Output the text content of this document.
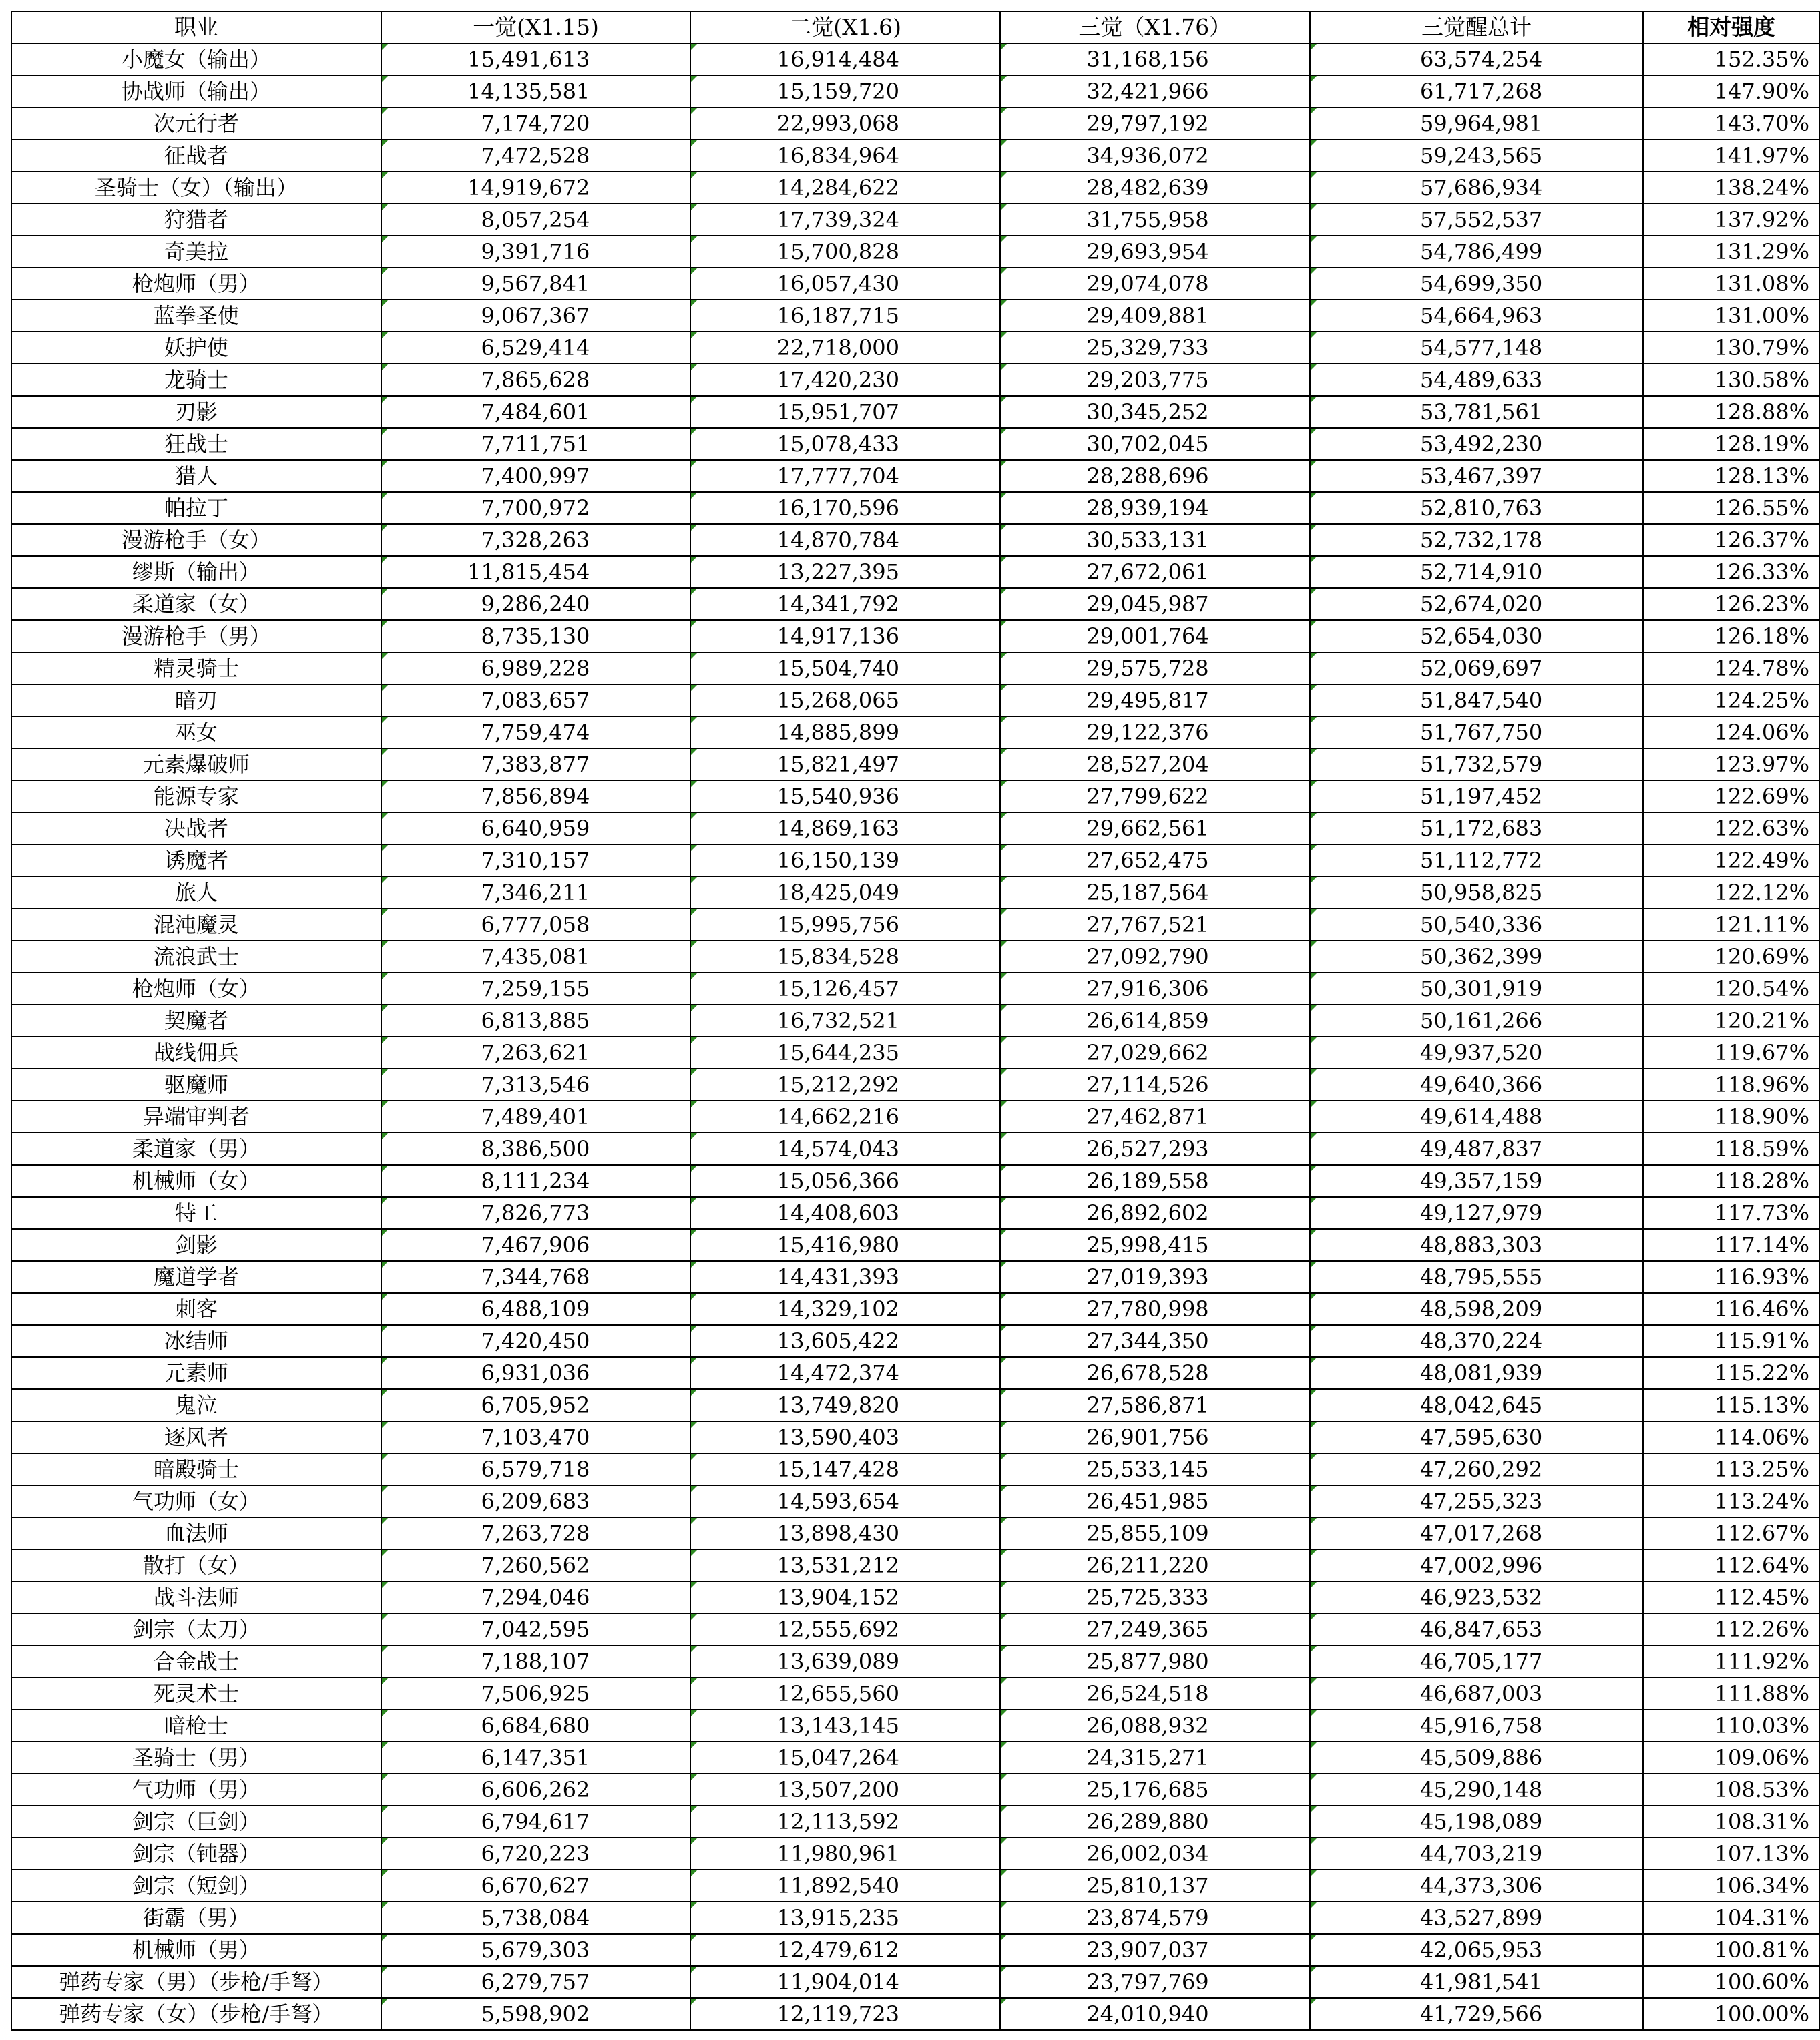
职业	一觉(X1.15)	二觉(X1.6)	三觉（X1.76）	三觉醒总计	相对强度
小魔女（输出）	15,491,613	16,914,484	31,168,156	63,574,254	152.35%
协战师（输出）	14,135,581	15,159,720	32,421,966	61,717,268	147.90%
次元行者	7,174,720	22,993,068	29,797,192	59,964,981	143.70%
征战者	7,472,528	16,834,964	34,936,072	59,243,565	141.97%
圣骑士（女）（输出）	14,919,672	14,284,622	28,482,639	57,686,934	138.24%
狩猎者	8,057,254	17,739,324	31,755,958	57,552,537	137.92%
奇美拉	9,391,716	15,700,828	29,693,954	54,786,499	131.29%
枪炮师（男）	9,567,841	16,057,430	29,074,078	54,699,350	131.08%
蓝拳圣使	9,067,367	16,187,715	29,409,881	54,664,963	131.00%
妖护使	6,529,414	22,718,000	25,329,733	54,577,148	130.79%
龙骑士	7,865,628	17,420,230	29,203,775	54,489,633	130.58%
刃影	7,484,601	15,951,707	30,345,252	53,781,561	128.88%
狂战士	7,711,751	15,078,433	30,702,045	53,492,230	128.19%
猎人	7,400,997	17,777,704	28,288,696	53,467,397	128.13%
帕拉丁	7,700,972	16,170,596	28,939,194	52,810,763	126.55%
漫游枪手（女）	7,328,263	14,870,784	30,533,131	52,732,178	126.37%
缪斯（输出）	11,815,454	13,227,395	27,672,061	52,714,910	126.33%
柔道家（女）	9,286,240	14,341,792	29,045,987	52,674,020	126.23%
漫游枪手（男）	8,735,130	14,917,136	29,001,764	52,654,030	126.18%
精灵骑士	6,989,228	15,504,740	29,575,728	52,069,697	124.78%
暗刃	7,083,657	15,268,065	29,495,817	51,847,540	124.25%
巫女	7,759,474	14,885,899	29,122,376	51,767,750	124.06%
元素爆破师	7,383,877	15,821,497	28,527,204	51,732,579	123.97%
能源专家	7,856,894	15,540,936	27,799,622	51,197,452	122.69%
决战者	6,640,959	14,869,163	29,662,561	51,172,683	122.63%
诱魔者	7,310,157	16,150,139	27,652,475	51,112,772	122.49%
旅人	7,346,211	18,425,049	25,187,564	50,958,825	122.12%
混沌魔灵	6,777,058	15,995,756	27,767,521	50,540,336	121.11%
流浪武士	7,435,081	15,834,528	27,092,790	50,362,399	120.69%
枪炮师（女）	7,259,155	15,126,457	27,916,306	50,301,919	120.54%
契魔者	6,813,885	16,732,521	26,614,859	50,161,266	120.21%
战线佣兵	7,263,621	15,644,235	27,029,662	49,937,520	119.67%
驱魔师	7,313,546	15,212,292	27,114,526	49,640,366	118.96%
异端审判者	7,489,401	14,662,216	27,462,871	49,614,488	118.90%
柔道家（男）	8,386,500	14,574,043	26,527,293	49,487,837	118.59%
机械师（女）	8,111,234	15,056,366	26,189,558	49,357,159	118.28%
特工	7,826,773	14,408,603	26,892,602	49,127,979	117.73%
剑影	7,467,906	15,416,980	25,998,415	48,883,303	117.14%
魔道学者	7,344,768	14,431,393	27,019,393	48,795,555	116.93%
刺客	6,488,109	14,329,102	27,780,998	48,598,209	116.46%
冰结师	7,420,450	13,605,422	27,344,350	48,370,224	115.91%
元素师	6,931,036	14,472,374	26,678,528	48,081,939	115.22%
鬼泣	6,705,952	13,749,820	27,586,871	48,042,645	115.13%
逐风者	7,103,470	13,590,403	26,901,756	47,595,630	114.06%
暗殿骑士	6,579,718	15,147,428	25,533,145	47,260,292	113.25%
气功师（女）	6,209,683	14,593,654	26,451,985	47,255,323	113.24%
血法师	7,263,728	13,898,430	25,855,109	47,017,268	112.67%
散打（女）	7,260,562	13,531,212	26,211,220	47,002,996	112.64%
战斗法师	7,294,046	13,904,152	25,725,333	46,923,532	112.45%
剑宗（太刀）	7,042,595	12,555,692	27,249,365	46,847,653	112.26%
合金战士	7,188,107	13,639,089	25,877,980	46,705,177	111.92%
死灵术士	7,506,925	12,655,560	26,524,518	46,687,003	111.88%
暗枪士	6,684,680	13,143,145	26,088,932	45,916,758	110.03%
圣骑士（男）	6,147,351	15,047,264	24,315,271	45,509,886	109.06%
气功师（男）	6,606,262	13,507,200	25,176,685	45,290,148	108.53%
剑宗（巨剑）	6,794,617	12,113,592	26,289,880	45,198,089	108.31%
剑宗（钝器）	6,720,223	11,980,961	26,002,034	44,703,219	107.13%
剑宗（短剑）	6,670,627	11,892,540	25,810,137	44,373,306	106.34%
街霸（男）	5,738,084	13,915,235	23,874,579	43,527,899	104.31%
机械师（男）	5,679,303	12,479,612	23,907,037	42,065,953	100.81%
弹药专家（男）（步枪/手弩）	6,279,757	11,904,014	23,797,769	41,981,541	100.60%
弹药专家（女）（步枪/手弩）	5,598,902	12,119,723	24,010,940	41,729,566	100.00%
